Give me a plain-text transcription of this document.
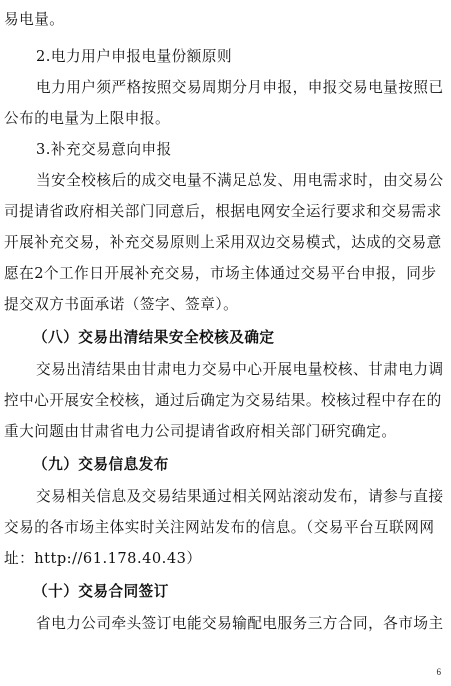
易电量。
2.电力用户申报电量份额原则
电力用户须严格按照交易周期分月申报，申报交易电量按照已
公布的电量为上限申报。
3.补充交易意向申报
当安全校核后的成交电量不满足总发、用电需求时，由交易公
司提请省政府相关部门同意后，根据电网安全运行要求和交易需求
开展补充交易，补充交易原则上采用双边交易模式，达成的交易意
愿在2个工作日开展补充交易，市场主体通过交易平台申报，同步
提交双方书面承诺（签字、签章）。
（八）交易出清结果安全校核及确定
交易出清结果由甘肃电力交易中心开展电量校核、甘肃电力调
控中心开展安全校核，通过后确定为交易结果。校核过程中存在的
重大问题由甘肃省电力公司提请省政府相关部门研究确定。
（九）交易信息发布
交易相关信息及交易结果通过相关网站滚动发布，请参与直接
交易的各市场主体实时关注网站发布的信息。（交易平台互联网网
址：http://61.178.40.43）
（十）交易合同签订
省电力公司牵头签订电能交易输配电服务三方合同，各市场主
6
